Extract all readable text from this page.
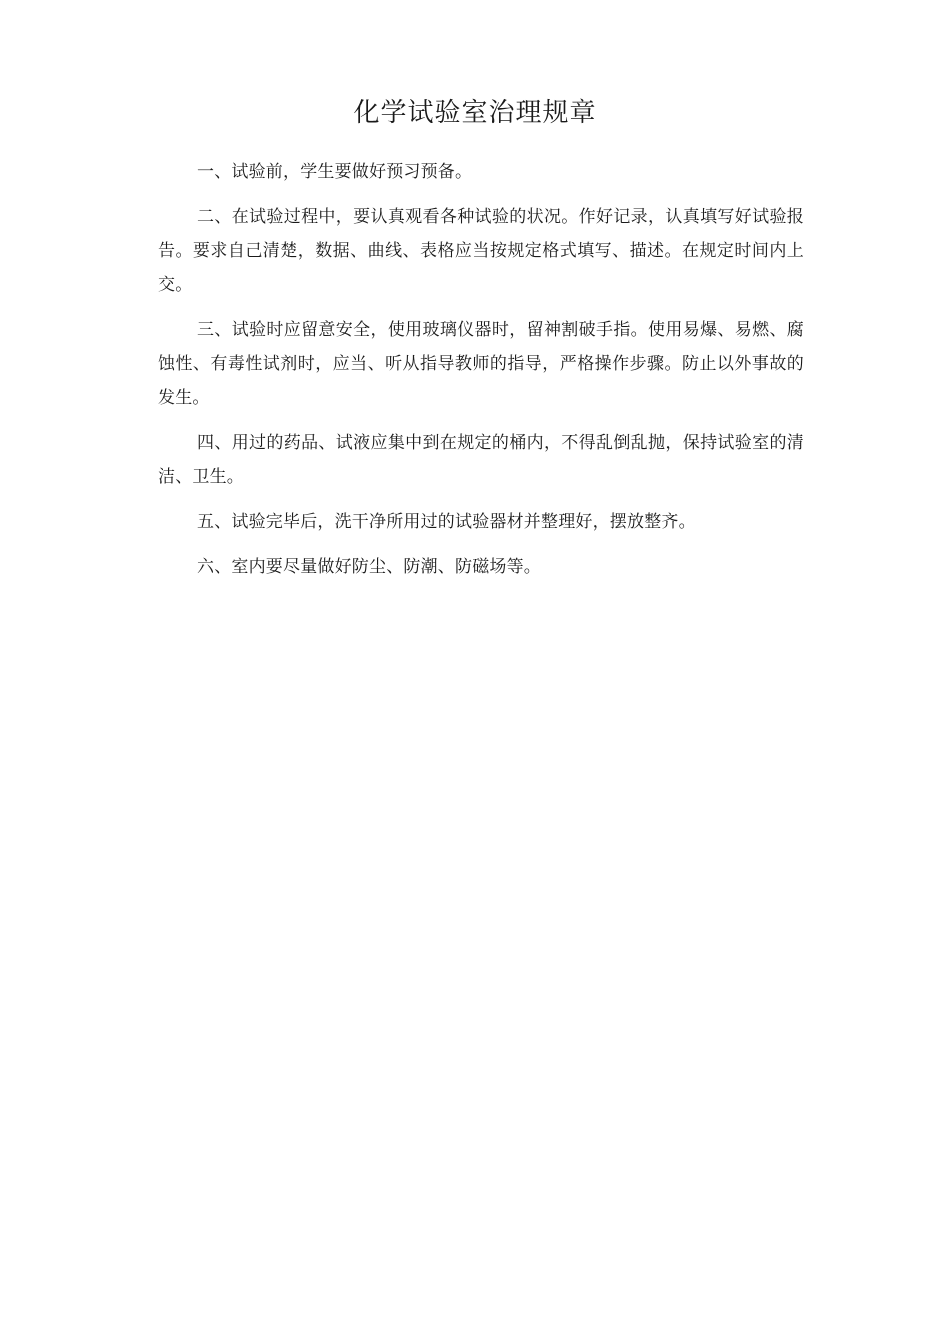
化学试验室治理规章

一、试验前，学生要做好预习预备。

二、在试验过程中，要认真观看各种试验的状况。作好记录，认真填写好试验报告。要求自己清楚，数据、曲线、表格应当按规定格式填写、描述。在规定时间内上交。

三、试验时应留意安全，使用玻璃仪器时，留神割破手指。使用易爆、易燃、腐蚀性、有毒性试剂时，应当、听从指导教师的指导，严格操作步骤。防止以外事故的发生。

四、用过的药品、试液应集中到在规定的桶内，不得乱倒乱抛，保持试验室的清洁、卫生。

五、试验完毕后，洗干净所用过的试验器材并整理好，摆放整齐。

六、室内要尽量做好防尘、防潮、防磁场等。
